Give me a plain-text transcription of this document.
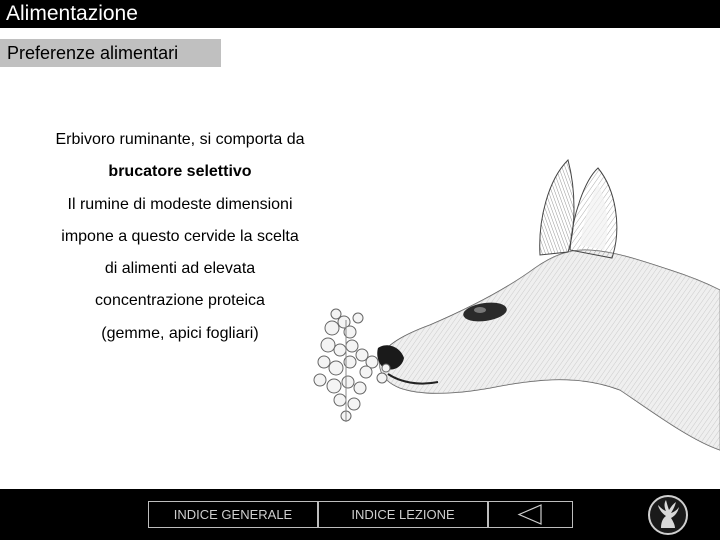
Alimentazione
Preferenze alimentari
Erbivoro ruminante, si comporta da
brucatore selettivo
Il rumine di modeste dimensioni
impone a questo cervide la scelta
di alimenti ad elevata
concentrazione proteica
(gemme, apici fogliari)
INDICE GENERALE	INDICE LEZIONE
